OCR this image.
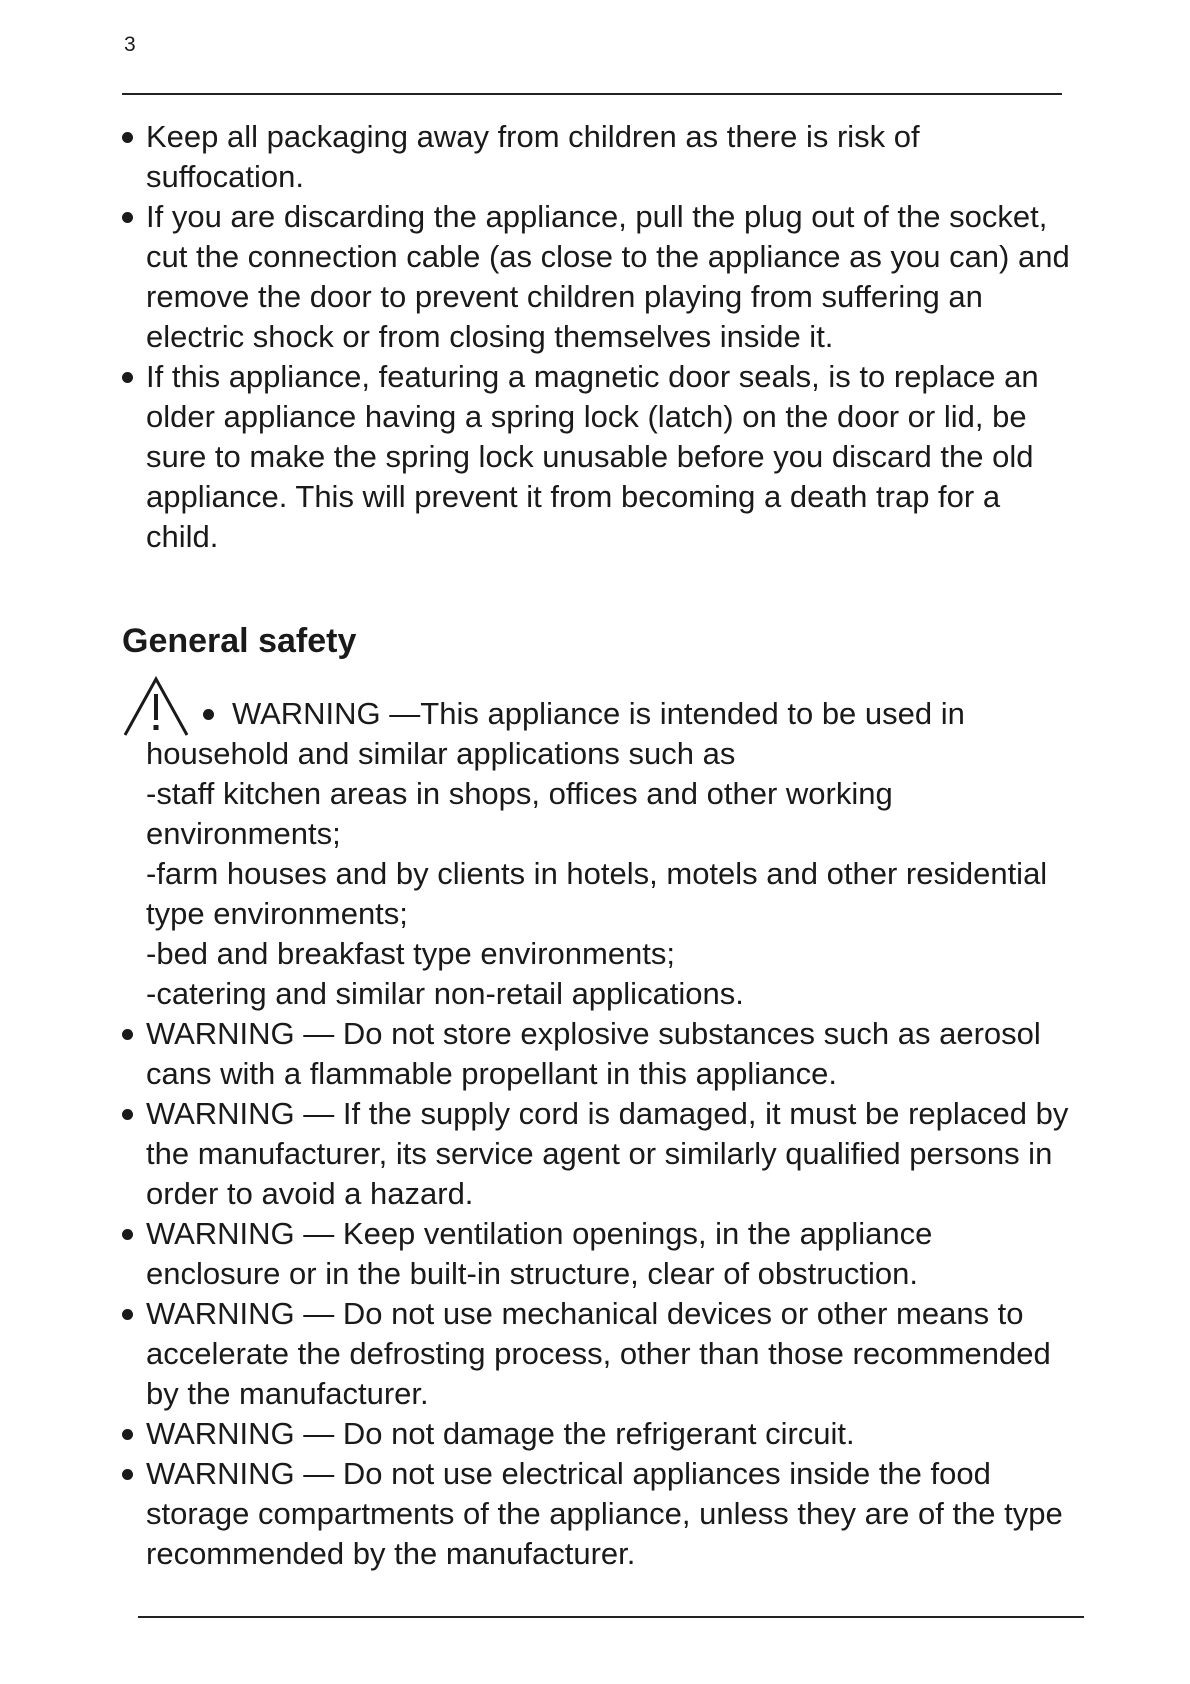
3
Keep all packaging away from children as there is risk of suffocation.
If you are discarding the appliance, pull the plug out of the socket, cut the connection cable (as close to the appliance as you can) and remove the door to prevent children playing from suffering an electric shock or from closing themselves inside it.
If this appliance, featuring a magnetic door seals, is to replace an older appliance having a spring lock (latch) on the door or lid, be sure to make the spring lock unusable before you discard the old appliance. This will prevent it from becoming a death trap for a child.
General safety
WARNING —This appliance is intended to be used in
household and similar applications such as
-staff kitchen areas in shops, offices and other working environments;
-farm houses and by clients in hotels, motels and other residential type environments;
-bed and breakfast type environments;
-catering and similar non-retail applications.
WARNING — Do not store explosive substances such as aerosol cans with a flammable propellant in this appliance.
WARNING — If the supply cord is damaged, it must be replaced by the manufacturer, its service agent or similarly qualified persons in order to avoid a hazard.
WARNING — Keep ventilation openings, in the appliance enclosure or in the built-in structure, clear of obstruction.
WARNING — Do not use mechanical devices or other means to accelerate the defrosting process, other than those recommended by the manufacturer.
WARNING — Do not damage the refrigerant circuit.
WARNING — Do not use electrical appliances inside the food storage compartments of the appliance, unless they are of the type recommended by the manufacturer.
